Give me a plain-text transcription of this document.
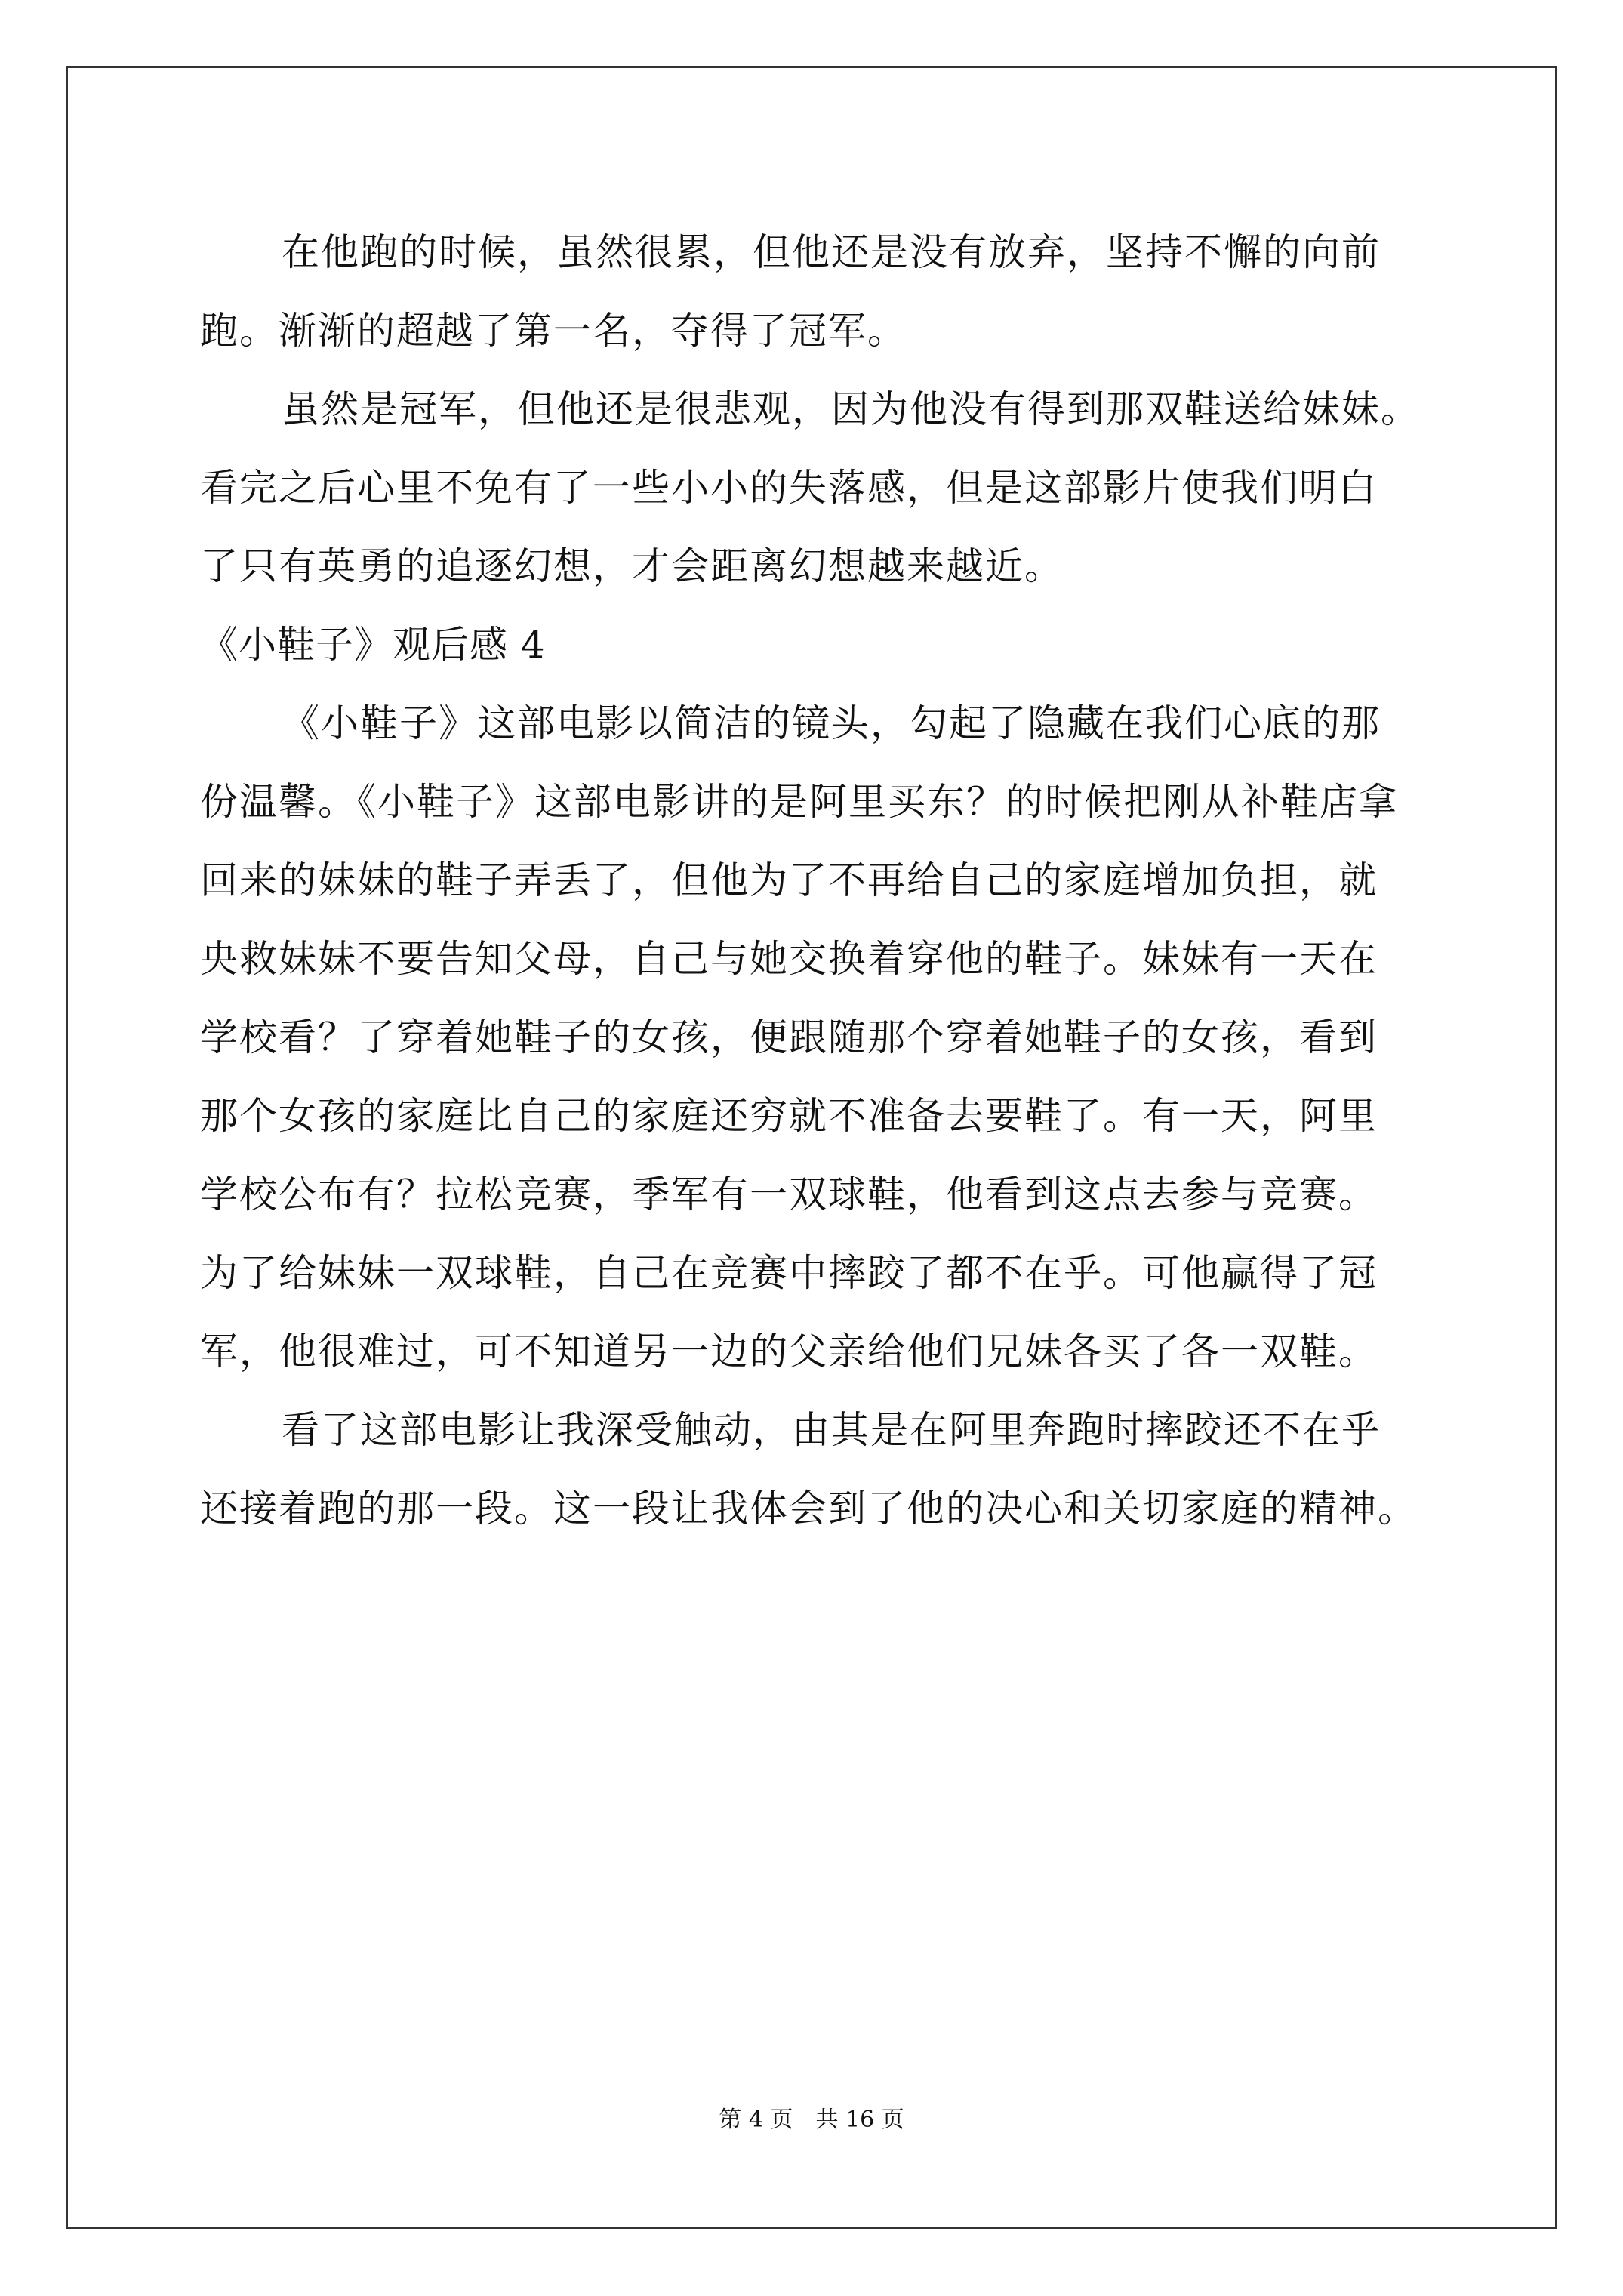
在他跑的时候，虽然很累，但他还是没有放弃，坚持不懈的向前
跑。渐渐的超越了第一名，夺得了冠军。
虽然是冠军，但他还是很悲观，因为他没有得到那双鞋送给妹妹。
看完之后心里不免有了一些小小的失落感，但是这部影片使我们明白
了只有英勇的追逐幻想，才会距离幻想越来越近。
《小鞋子》观后感 4
《小鞋子》这部电影以简洁的镜头，勾起了隐藏在我们心底的那
份温馨。《小鞋子》这部电影讲的是阿里买东？的时候把刚从补鞋店拿
回来的妹妹的鞋子弄丢了，但他为了不再给自己的家庭增加负担，就
央救妹妹不要告知父母，自己与她交换着穿他的鞋子。妹妹有一天在
学校看？了穿着她鞋子的女孩，便跟随那个穿着她鞋子的女孩，看到
那个女孩的家庭比自己的家庭还穷就不准备去要鞋了。有一天，阿里
学校公布有？拉松竞赛，季军有一双球鞋，他看到这点去参与竞赛。
为了给妹妹一双球鞋，自己在竞赛中摔跤了都不在乎。可他赢得了冠
军，他很难过，可不知道另一边的父亲给他们兄妹各买了各一双鞋。
看了这部电影让我深受触动，由其是在阿里奔跑时摔跤还不在乎
还接着跑的那一段。这一段让我体会到了他的决心和关切家庭的精神。
第 4 页　共 16 页
